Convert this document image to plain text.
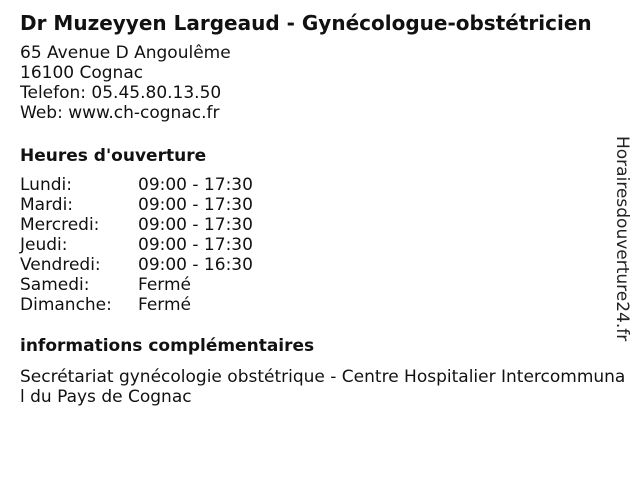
Dr Muzeyyen Largeaud - Gynécologue-obstétricien
65 Avenue D Angoulême
16100 Cognac
Telefon: 05.45.80.13.50
Web: www.ch-cognac.fr
Heures d'ouverture
Lundi:	09:00 - 17:30
Mardi:	09:00 - 17:30
Mercredi:	09:00 - 17:30
Jeudi:	09:00 - 17:30
Vendredi:	09:00 - 16:30
Samedi:	Fermé
Dimanche:	Fermé
informations complémentaires
Secrétariat gynécologie obstétrique - Centre Hospitalier Intercommunal du Pays de Cognac
Horairesdouverture24.fr
